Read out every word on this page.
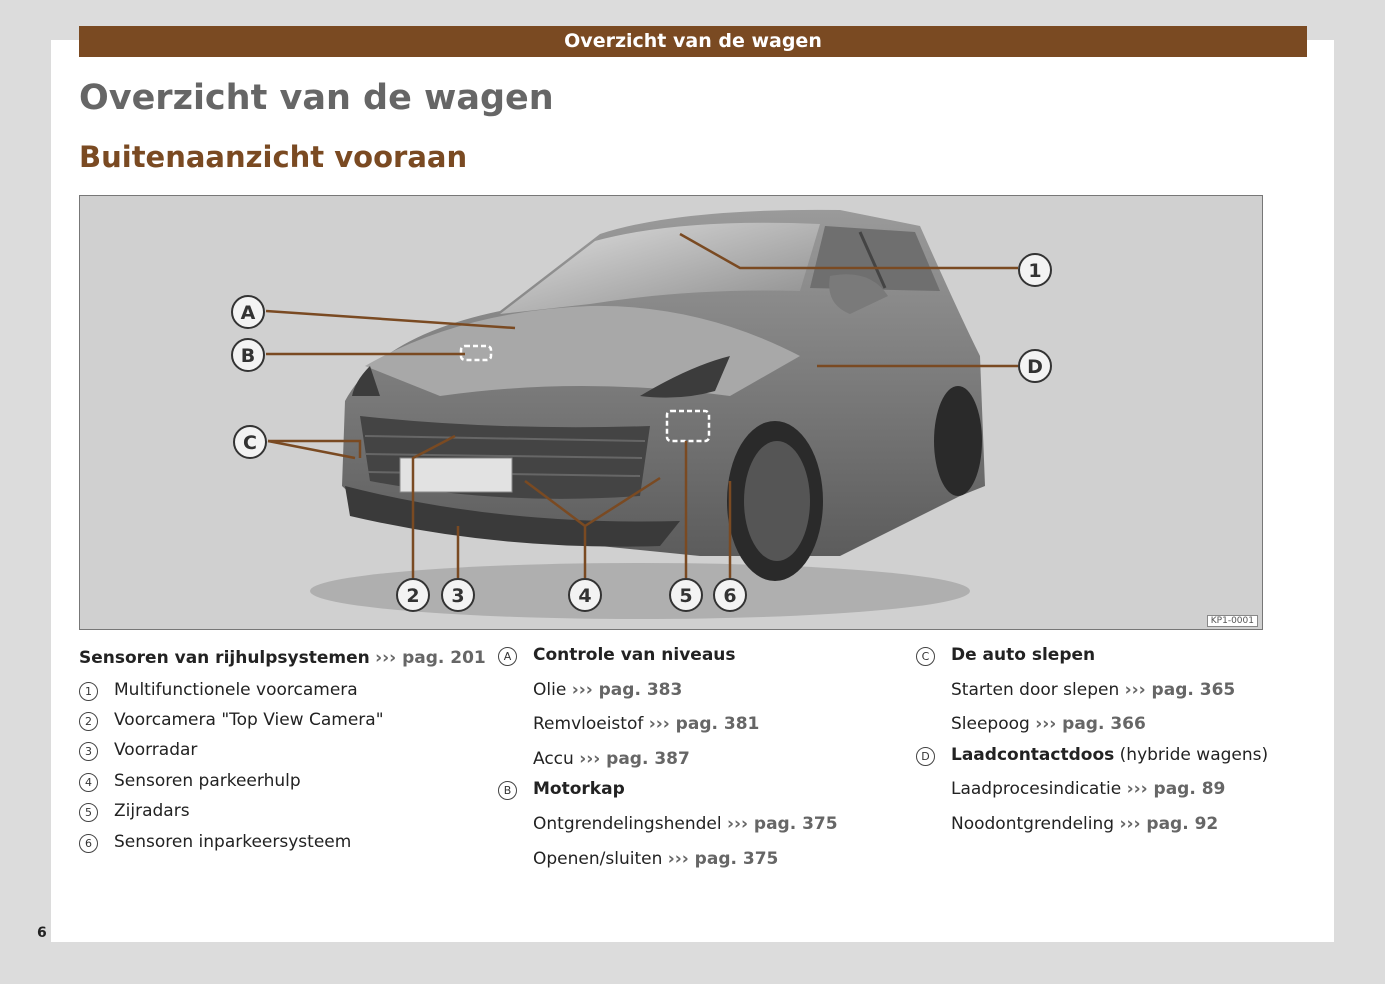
Overzicht van de wagen
Overzicht van de wagen
Buitenaanzicht vooraan
1
2 3	4	5 6
A
B
C
D
KP1-0001
Sensoren van rijhulpsystemen ››› pag. 201
1	Multifunctionele voorcamera
2	Voorcamera "Top View Camera"
3	Voorradar
4	Sensoren parkeerhulp
5	Zijradars
6	Sensoren inparkeersysteem
A	Controle van niveaus
Olie ››› pag. 383
Remvloeistof ››› pag. 381
Accu ››› pag. 387
B	Motorkap
Ontgrendelingshendel ››› pag. 375
Openen/sluiten ››› pag. 375
C	De auto slepen
Starten door slepen ››› pag. 365
Sleepoog ››› pag. 366
D	Laadcontactdoos (hybride wagens)
Laadprocesindicatie ››› pag. 89
Noodontgrendeling ››› pag. 92
6
